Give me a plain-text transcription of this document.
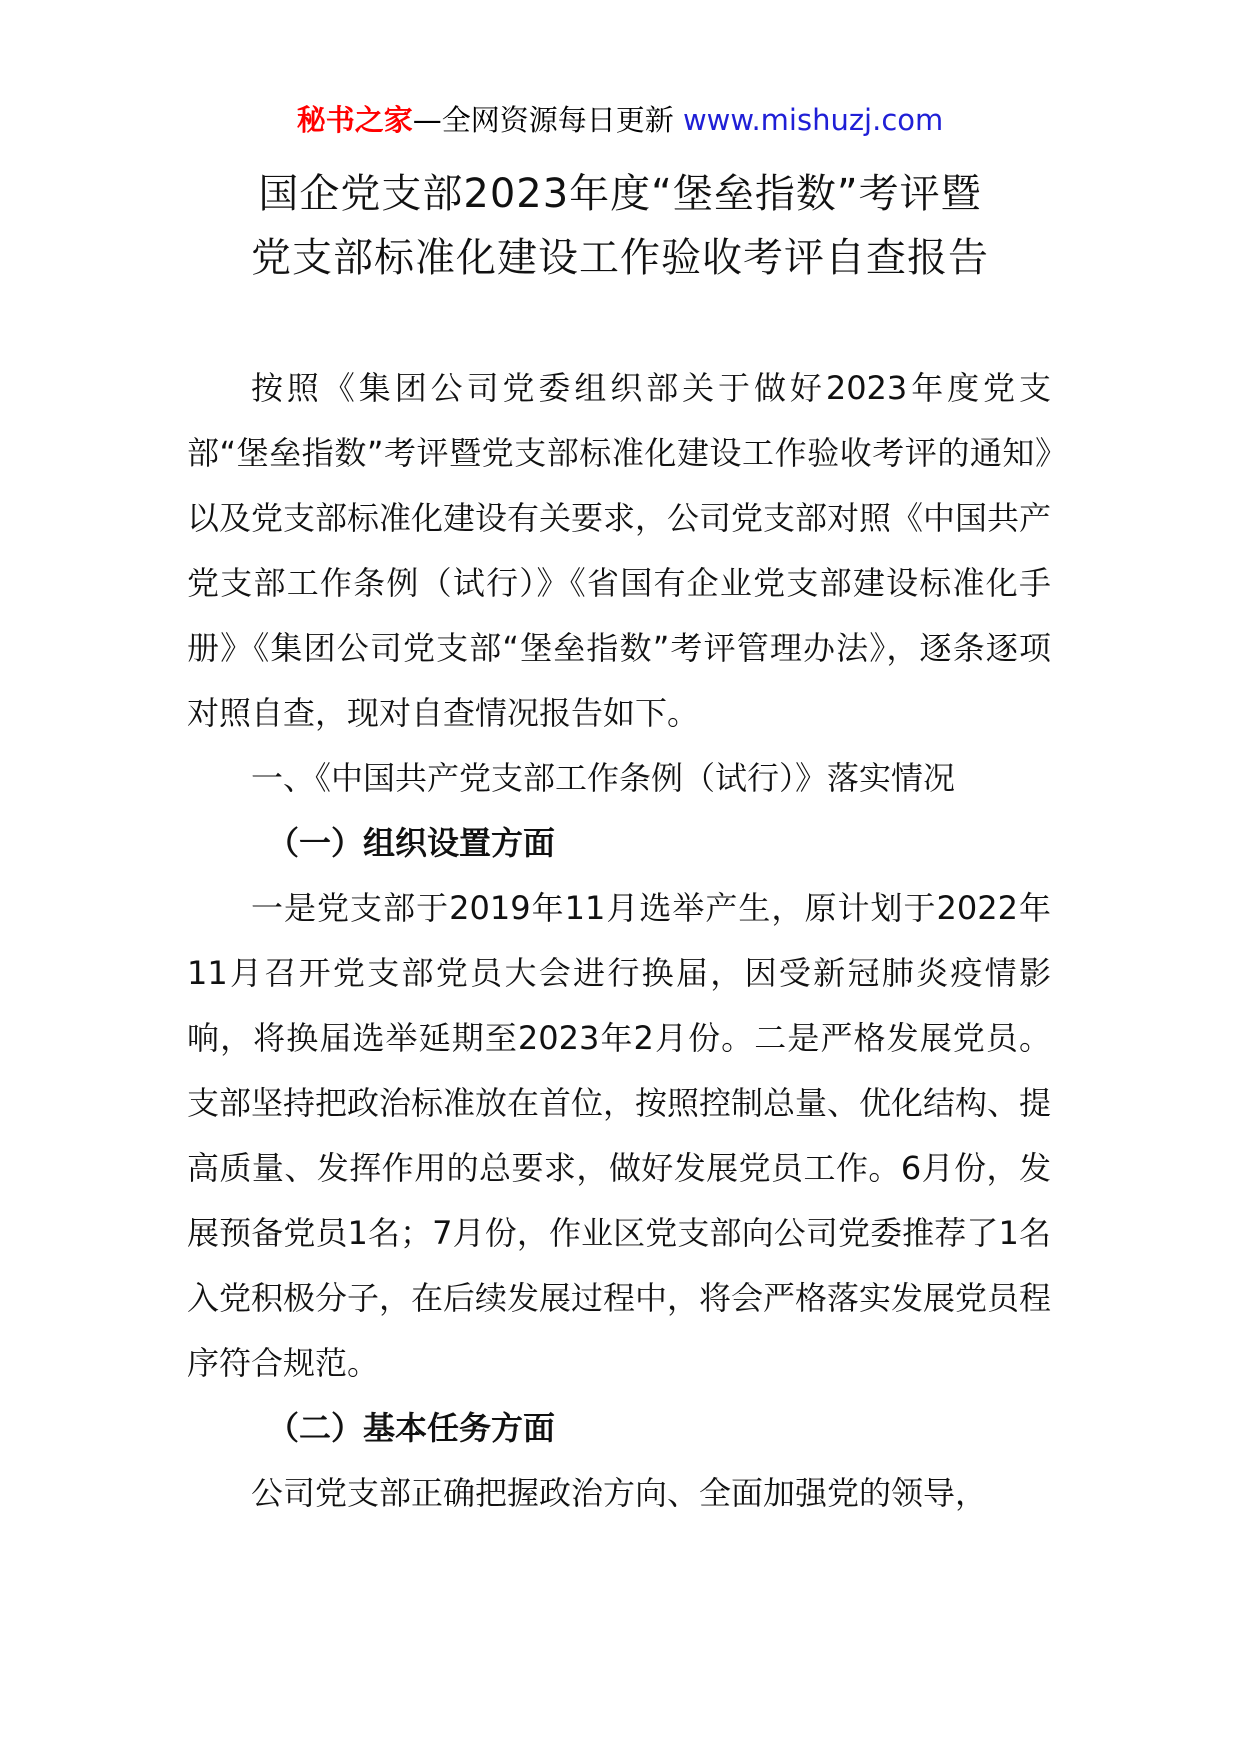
秘书之家—全网资源每日更新 www.mishuzj.com
国企党支部2023年度“堡垒指数”考评暨
党支部标准化建设工作验收考评自查报告

按照《集团公司党委组织部关于做好2023年度党支部“堡垒指数”考评暨党支部标准化建设工作验收考评的通知》以及党支部标准化建设有关要求，公司党支部对照《中国共产党支部工作条例（试行）》《省国有企业党支部建设标准化手册》《集团公司党支部“堡垒指数”考评管理办法》，逐条逐项对照自查，现对自查情况报告如下。

一、《中国共产党支部工作条例（试行）》落实情况

（一）组织设置方面

一是党支部于2019年11月选举产生，原计划于2022年11月召开党支部党员大会进行换届，因受新冠肺炎疫情影响，将换届选举延期至2023年2月份。二是严格发展党员。支部坚持把政治标准放在首位，按照控制总量、优化结构、提高质量、发挥作用的总要求，做好发展党员工作。6月份，发展预备党员1名；7月份，作业区党支部向公司党委推荐了1名入党积极分子，在后续发展过程中，将会严格落实发展党员程序符合规范。

（二）基本任务方面

公司党支部正确把握政治方向、全面加强党的领导，
